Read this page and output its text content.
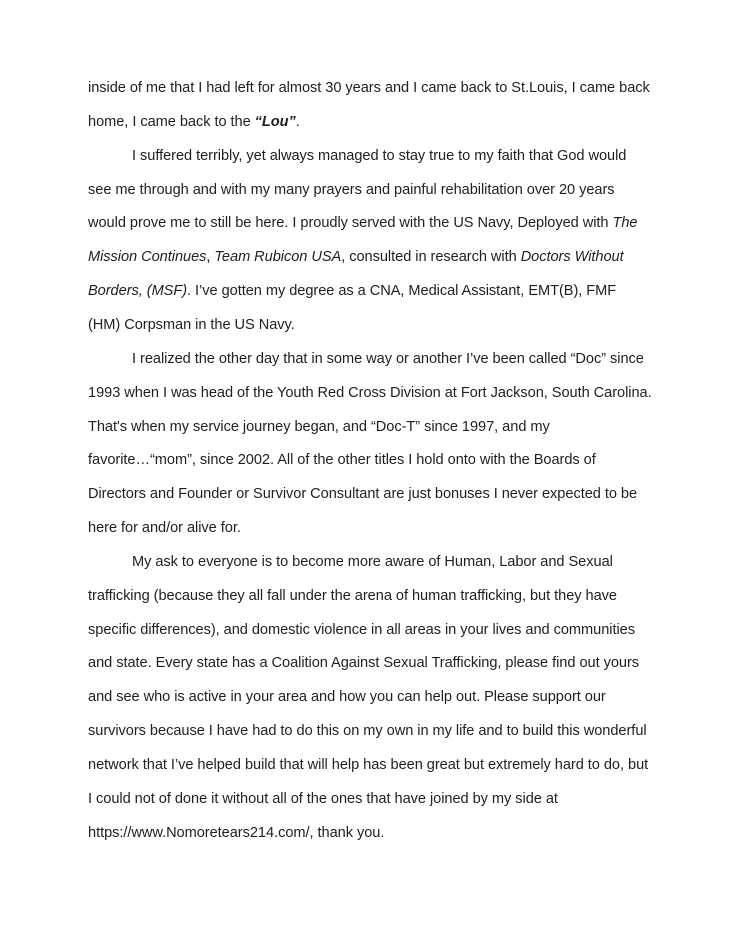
inside of me that I had left for almost 30 years and I came back to St.Louis, I came back
home, I came back to the “Lou”.
I suffered terribly, yet always managed to stay true to my faith that God would
see me through and with my many prayers and painful rehabilitation over 20 years
would prove me to still be here. I proudly served with the US Navy, Deployed with The
Mission Continues, Team Rubicon USA, consulted in research with Doctors Without
Borders, (MSF). I’ve gotten my degree as a CNA, Medical Assistant, EMT(B), FMF
(HM) Corpsman in the US Navy.
I realized the other day that in some way or another I’ve been called “Doc” since
1993 when I was head of the Youth Red Cross Division at Fort Jackson, South Carolina.
That's when my service journey began, and “Doc-T” since 1997, and my
favorite…“mom”, since 2002. All of the other titles I hold onto with the Boards of
Directors and Founder or Survivor Consultant are just bonuses I never expected to be
here for and/or alive for.
My ask to everyone is to become more aware of Human, Labor and Sexual
trafficking (because they all fall under the arena of human trafficking, but they have
specific differences), and domestic violence in all areas in your lives and communities
and state. Every state has a Coalition Against Sexual Trafficking, please find out yours
and see who is active in your area and how you can help out. Please support our
survivors because I have had to do this on my own in my life and to build this wonderful
network that I’ve helped build that will help has been great but extremely hard to do, but
I could not of done it without all of the ones that have joined by my side at
https://www.Nomoretears214.com/, thank you.
